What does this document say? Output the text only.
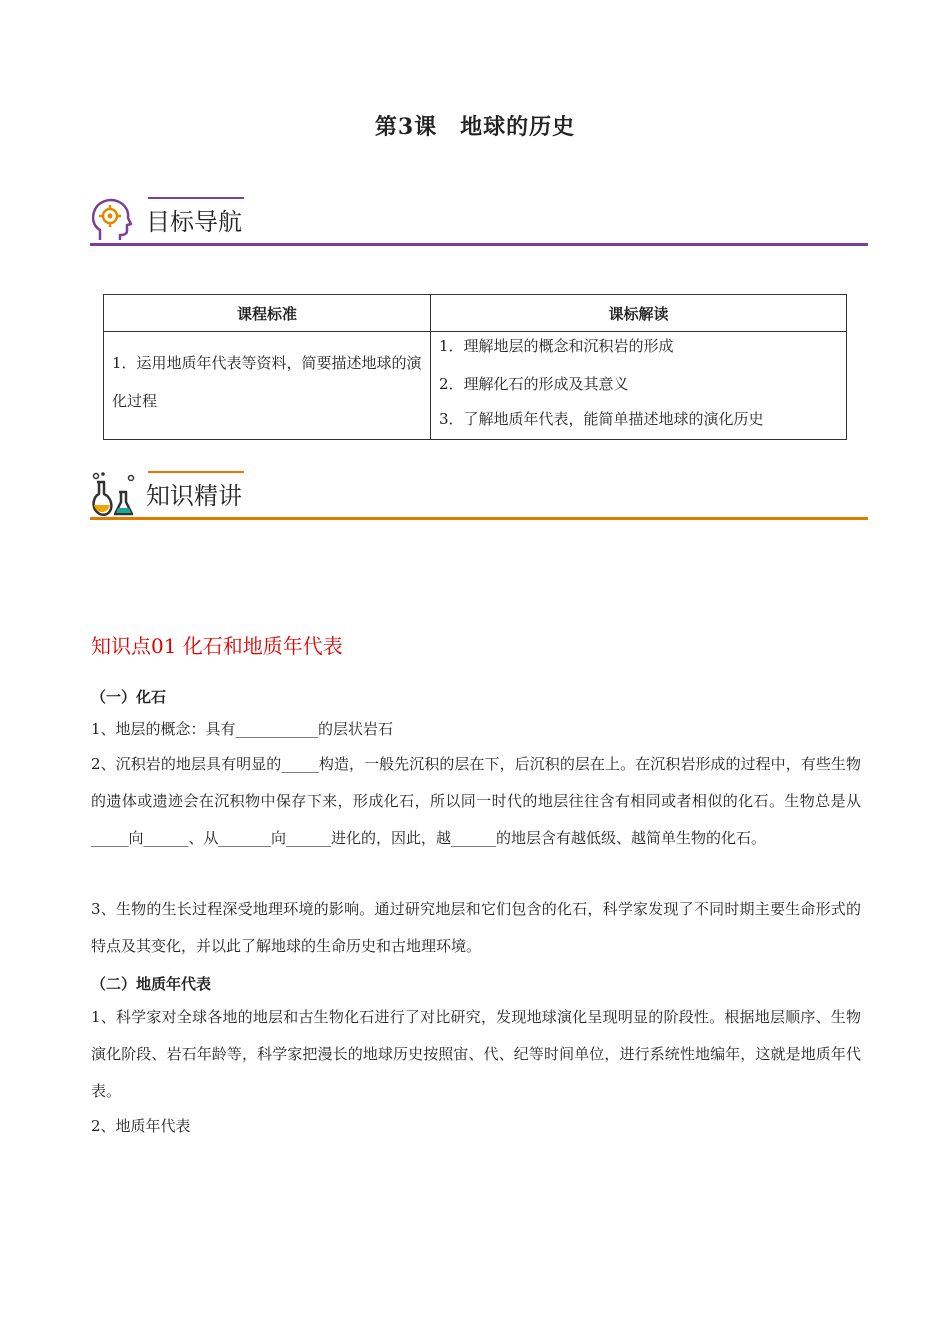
第3课　地球的历史
目标导航
课程标准	课标解读
1．运用地质年代表等资料，简要描述地球的演化过程	1．理解地层的概念和沉积岩的形成
2．理解化石的形成及其意义
3．了解地质年代表，能简单描述地球的演化历史
知识精讲
知识点01 化石和地质年代表
（一）化石
1、地层的概念：具有___________的层状岩石
2、沉积岩的地层具有明显的_____构造，一般先沉积的层在下，后沉积的层在上。在沉积岩形成的过程中，有些生物的遗体或遗迹会在沉积物中保存下来，形成化石，所以同一时代的地层往往含有相同或者相似的化石。生物总是从_____向______、从_______向______进化的，因此，越______的地层含有越低级、越简单生物的化石。
3、生物的生长过程深受地理环境的影响。通过研究地层和它们包含的化石，科学家发现了不同时期主要生命形式的特点及其变化，并以此了解地球的生命历史和古地理环境。
（二）地质年代表
1、科学家对全球各地的地层和古生物化石进行了对比研究，发现地球演化呈现明显的阶段性。根据地层顺序、生物演化阶段、岩石年龄等，科学家把漫长的地球历史按照宙、代、纪等时间单位，进行系统性地编年，这就是地质年代表。
2、地质年代表
